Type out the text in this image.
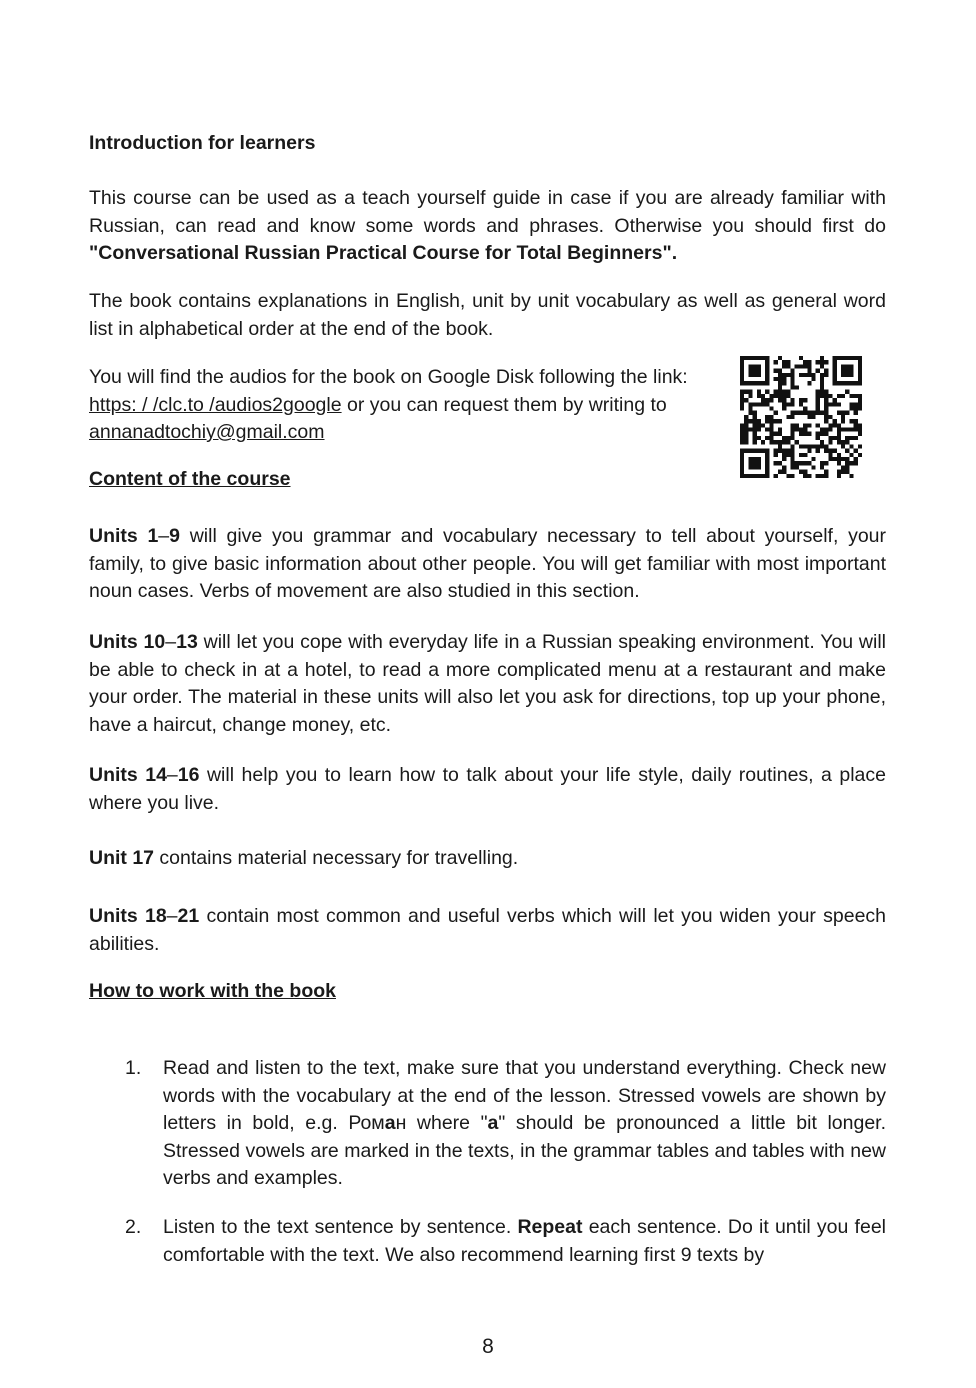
Introduction for learners

This course can be used as a teach yourself guide in case if you are already familiar with Russian, can read and know some words and phrases. Otherwise you should first do "Conversational Russian Practical Course for Total Beginners".

The book contains explanations in English, unit by unit vocabulary as well as general word list in alphabetical order at the end of the book.

You will find the audios for the book on Google Disk following the link: https: / /clc.to /audios2google or you can request them by writing to annanadtochiy@gmail.com

Content of the course

Units 1–9 will give you grammar and vocabulary necessary to tell about yourself, your family, to give basic information about other people. You will get familiar with most important noun cases. Verbs of movement are also studied in this section.

Units 10–13 will let you cope with everyday life in a Russian speaking environment. You will be able to check in at a hotel, to read a more complicated menu at a restaurant and make your order. The material in these units will also let you ask for directions, top up your phone, have a haircut, change money, etc.

Units 14–16 will help you to learn how to talk about your life style, daily routines, a place where you live.

Unit 17 contains material necessary for travelling.

Units 18–21 contain most common and useful verbs which will let you widen your speech abilities.

How to work with the book
1. Read and listen to the text, make sure that you understand everything. Check new words with the vocabulary at the end of the lesson. Stressed vowels are shown by letters in bold, e.g. Роман where "a" should be pronounced a little bit longer. Stressed vowels are marked in the texts, in the grammar tables and tables with new verbs and examples.

2. Listen to the text sentence by sentence. Repeat each sentence. Do it until you feel comfortable with the text. We also recommend learning first 9 texts by

8
